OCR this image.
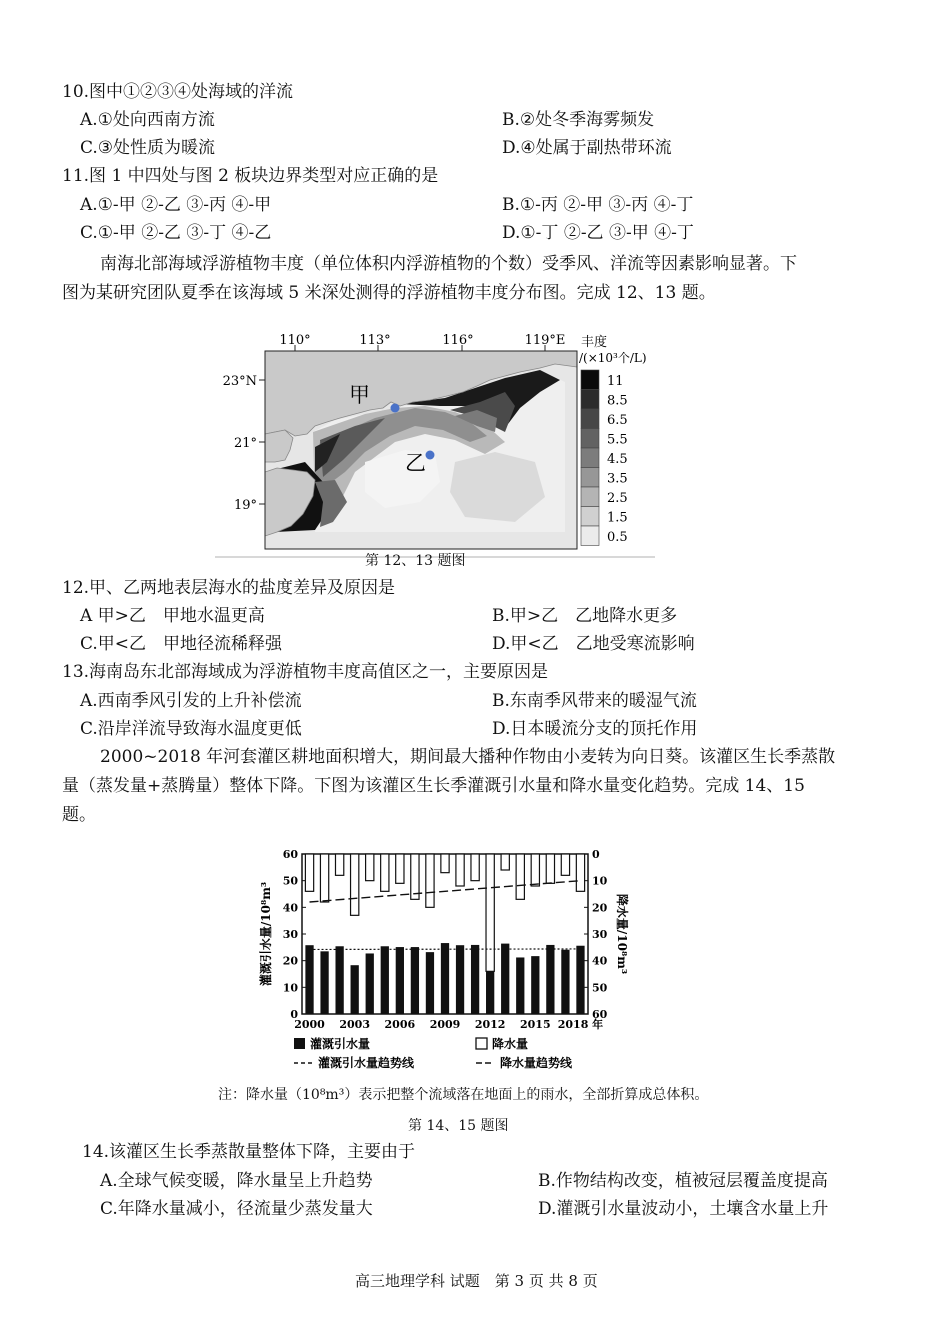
10.图中①②③④处海域的洋流
A.①处向西南方流	B.②处冬季海雾频发
C.③处性质为暖流	D.④处属于副热带环流
11.图 1 中四处与图 2 板块边界类型对应正确的是
A.①-甲 ②-乙 ③-丙 ④-甲	B.①-丙 ②-甲 ③-丙 ④-丁
C.①-甲 ②-乙 ③-丁 ④-乙	D.①-丁 ②-乙 ③-甲 ④-丁
南海北部海域浮游植物丰度（单位体积内浮游植物的个数）受季风、洋流等因素影响显著。下
图为某研究团队夏季在该海域 5 米深处测得的浮游植物丰度分布图。完成 12、13 题。
110°	113°	116°	119°E
23°N
21°
19°
甲
乙
丰度
/(×10³个/L)
11
8.5
6.5
5.5
4.5
3.5
2.5
1.5
0.5
第 12、13 题图
12.甲、乙两地表层海水的盐度差异及原因是
A 甲>乙　甲地水温更高	B.甲>乙　乙地降水更多
C.甲<乙　甲地径流稀释强	D.甲<乙　乙地受寒流影响
13.海南岛东北部海域成为浮游植物丰度高值区之一，主要原因是
A.西南季风引发的上升补偿流	B.东南季风带来的暖湿气流
C.沿岸洋流导致海水温度更低	D.日本暖流分支的顶托作用
2000~2018 年河套灌区耕地面积增大，期间最大播种作物由小麦转为向日葵。该灌区生长季蒸散
量（蒸发量+蒸腾量）整体下降。下图为该灌区生长季灌溉引水量和降水量变化趋势。完成 14、15
题。
0
10
20
30
40
50
60	0
10
20
30
40
50
60
2000 2003 2006 2009 2012 2015 2018 年
灌溉引水量/10⁸m³	降水量/10⁸m³
灌溉引水量	降水量
灌溉引水量趋势线	降水量趋势线
注：降水量（10⁸m³）表示把整个流域落在地面上的雨水，全部折算成总体积。
第 14、15 题图
14.该灌区生长季蒸散量整体下降，主要由于
A.全球气候变暖，降水量呈上升趋势	B.作物结构改变，植被冠层覆盖度提高
C.年降水量减小，径流量少蒸发量大	D.灌溉引水量波动小，土壤含水量上升
高三地理学科 试题　第 3 页 共 8 页
